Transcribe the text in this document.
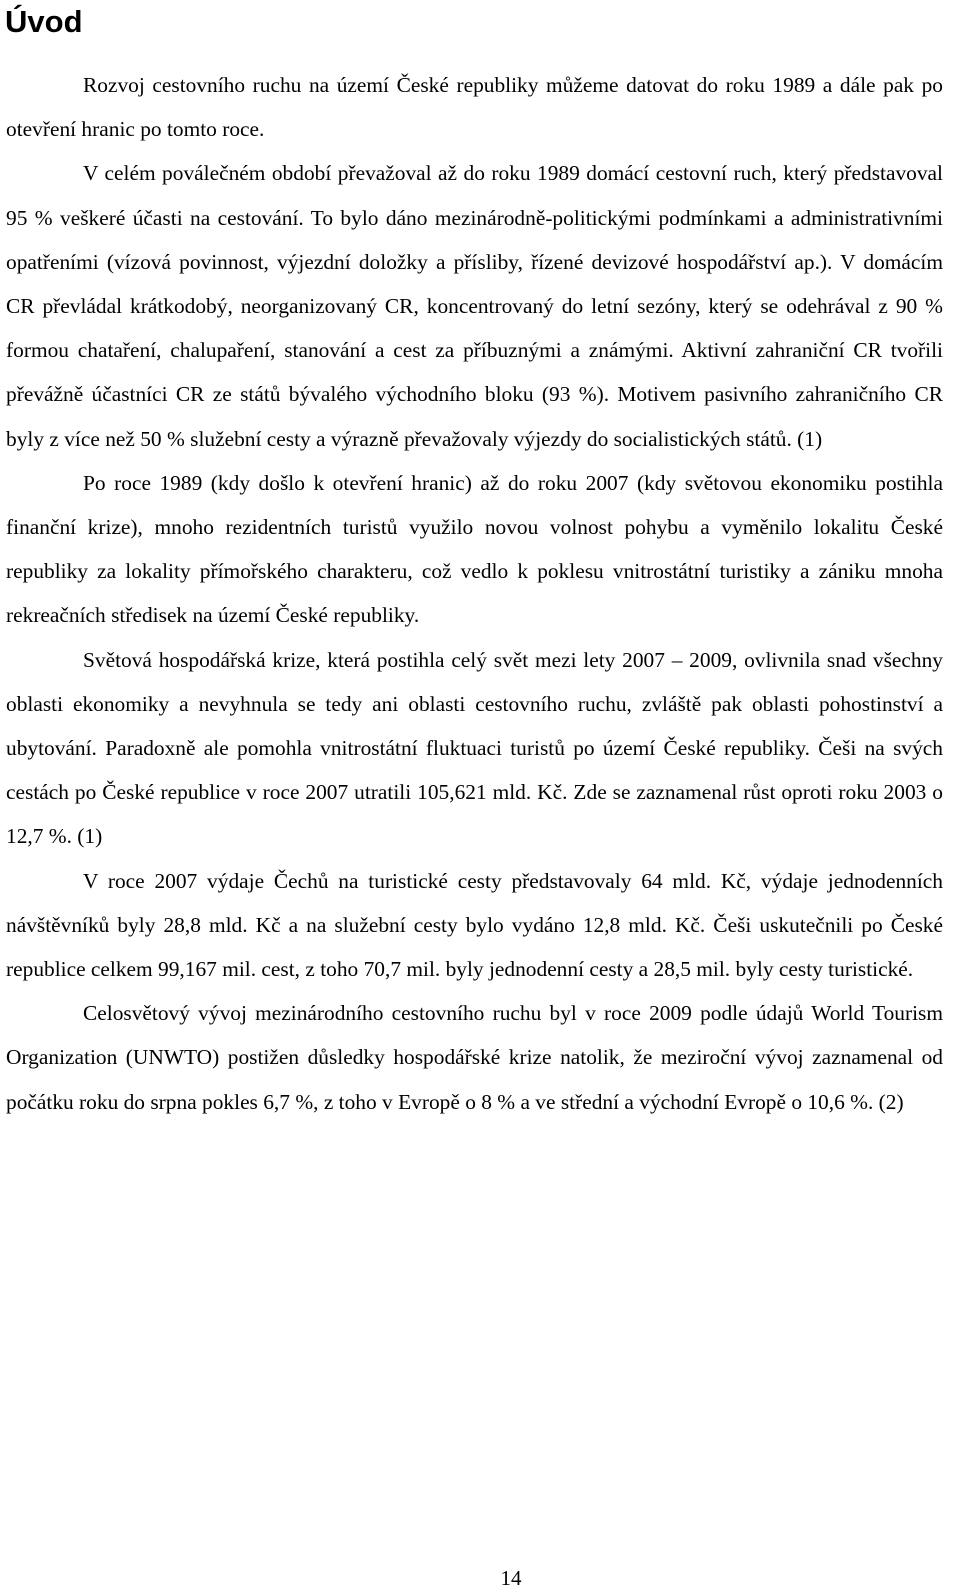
Úvod

Rozvoj cestovního ruchu na území České republiky můžeme datovat do roku 1989 a dále pak po otevření hranic po tomto roce.

V celém poválečném období převažoval až do roku 1989 domácí cestovní ruch, který představoval 95 % veškeré účasti na cestování. To bylo dáno mezinárodně-politickými podmínkami a administrativními opatřeními (vízová povinnost, výjezdní doložky a přísliby, řízené devizové hospodářství ap.). V domácím CR převládal krátkodobý, neorganizovaný CR, koncentrovaný do letní sezóny, který se odehrával z 90 % formou chataření, chalupaření, stanování a cest za příbuznými a známými. Aktivní zahraniční CR tvořili převážně účastníci CR ze států bývalého východního bloku (93 %). Motivem pasivního zahraničního CR byly z více než 50 % služební cesty a výrazně převažovaly výjezdy do socialistických států. (1)

Po roce 1989 (kdy došlo k otevření hranic) až do roku 2007 (kdy světovou ekonomiku postihla finanční krize), mnoho rezidentních turistů využilo novou volnost pohybu a vyměnilo lokalitu České republiky za lokality přímořského charakteru, což vedlo k poklesu vnitrostátní turistiky a zániku mnoha rekreačních středisek na území České republiky.

Světová hospodářská krize, která postihla celý svět mezi lety 2007 – 2009, ovlivnila snad všechny oblasti ekonomiky a nevyhnula se tedy ani oblasti cestovního ruchu, zvláště pak oblasti pohostinství a ubytování. Paradoxně ale pomohla vnitrostátní fluktuaci turistů po území České republiky. Češi na svých cestách po České republice v roce 2007 utratili 105,621 mld. Kč. Zde se zaznamenal růst oproti roku 2003 o 12,7 %. (1)

V roce 2007 výdaje Čechů na turistické cesty představovaly 64 mld. Kč, výdaje jednodenních návštěvníků byly 28,8 mld. Kč a na služební cesty bylo vydáno 12,8 mld. Kč. Češi uskutečnili po České republice celkem 99,167 mil. cest, z toho 70,7 mil. byly jednodenní cesty a 28,5 mil. byly cesty turistické.

Celosvětový vývoj mezinárodního cestovního ruchu byl v roce 2009 podle údajů World Tourism Organization (UNWTO) postižen důsledky hospodářské krize natolik, že meziroční vývoj zaznamenal od počátku roku do srpna pokles 6,7 %, z toho v Evropě o 8 % a ve střední a východní Evropě o 10,6 %. (2)

14
